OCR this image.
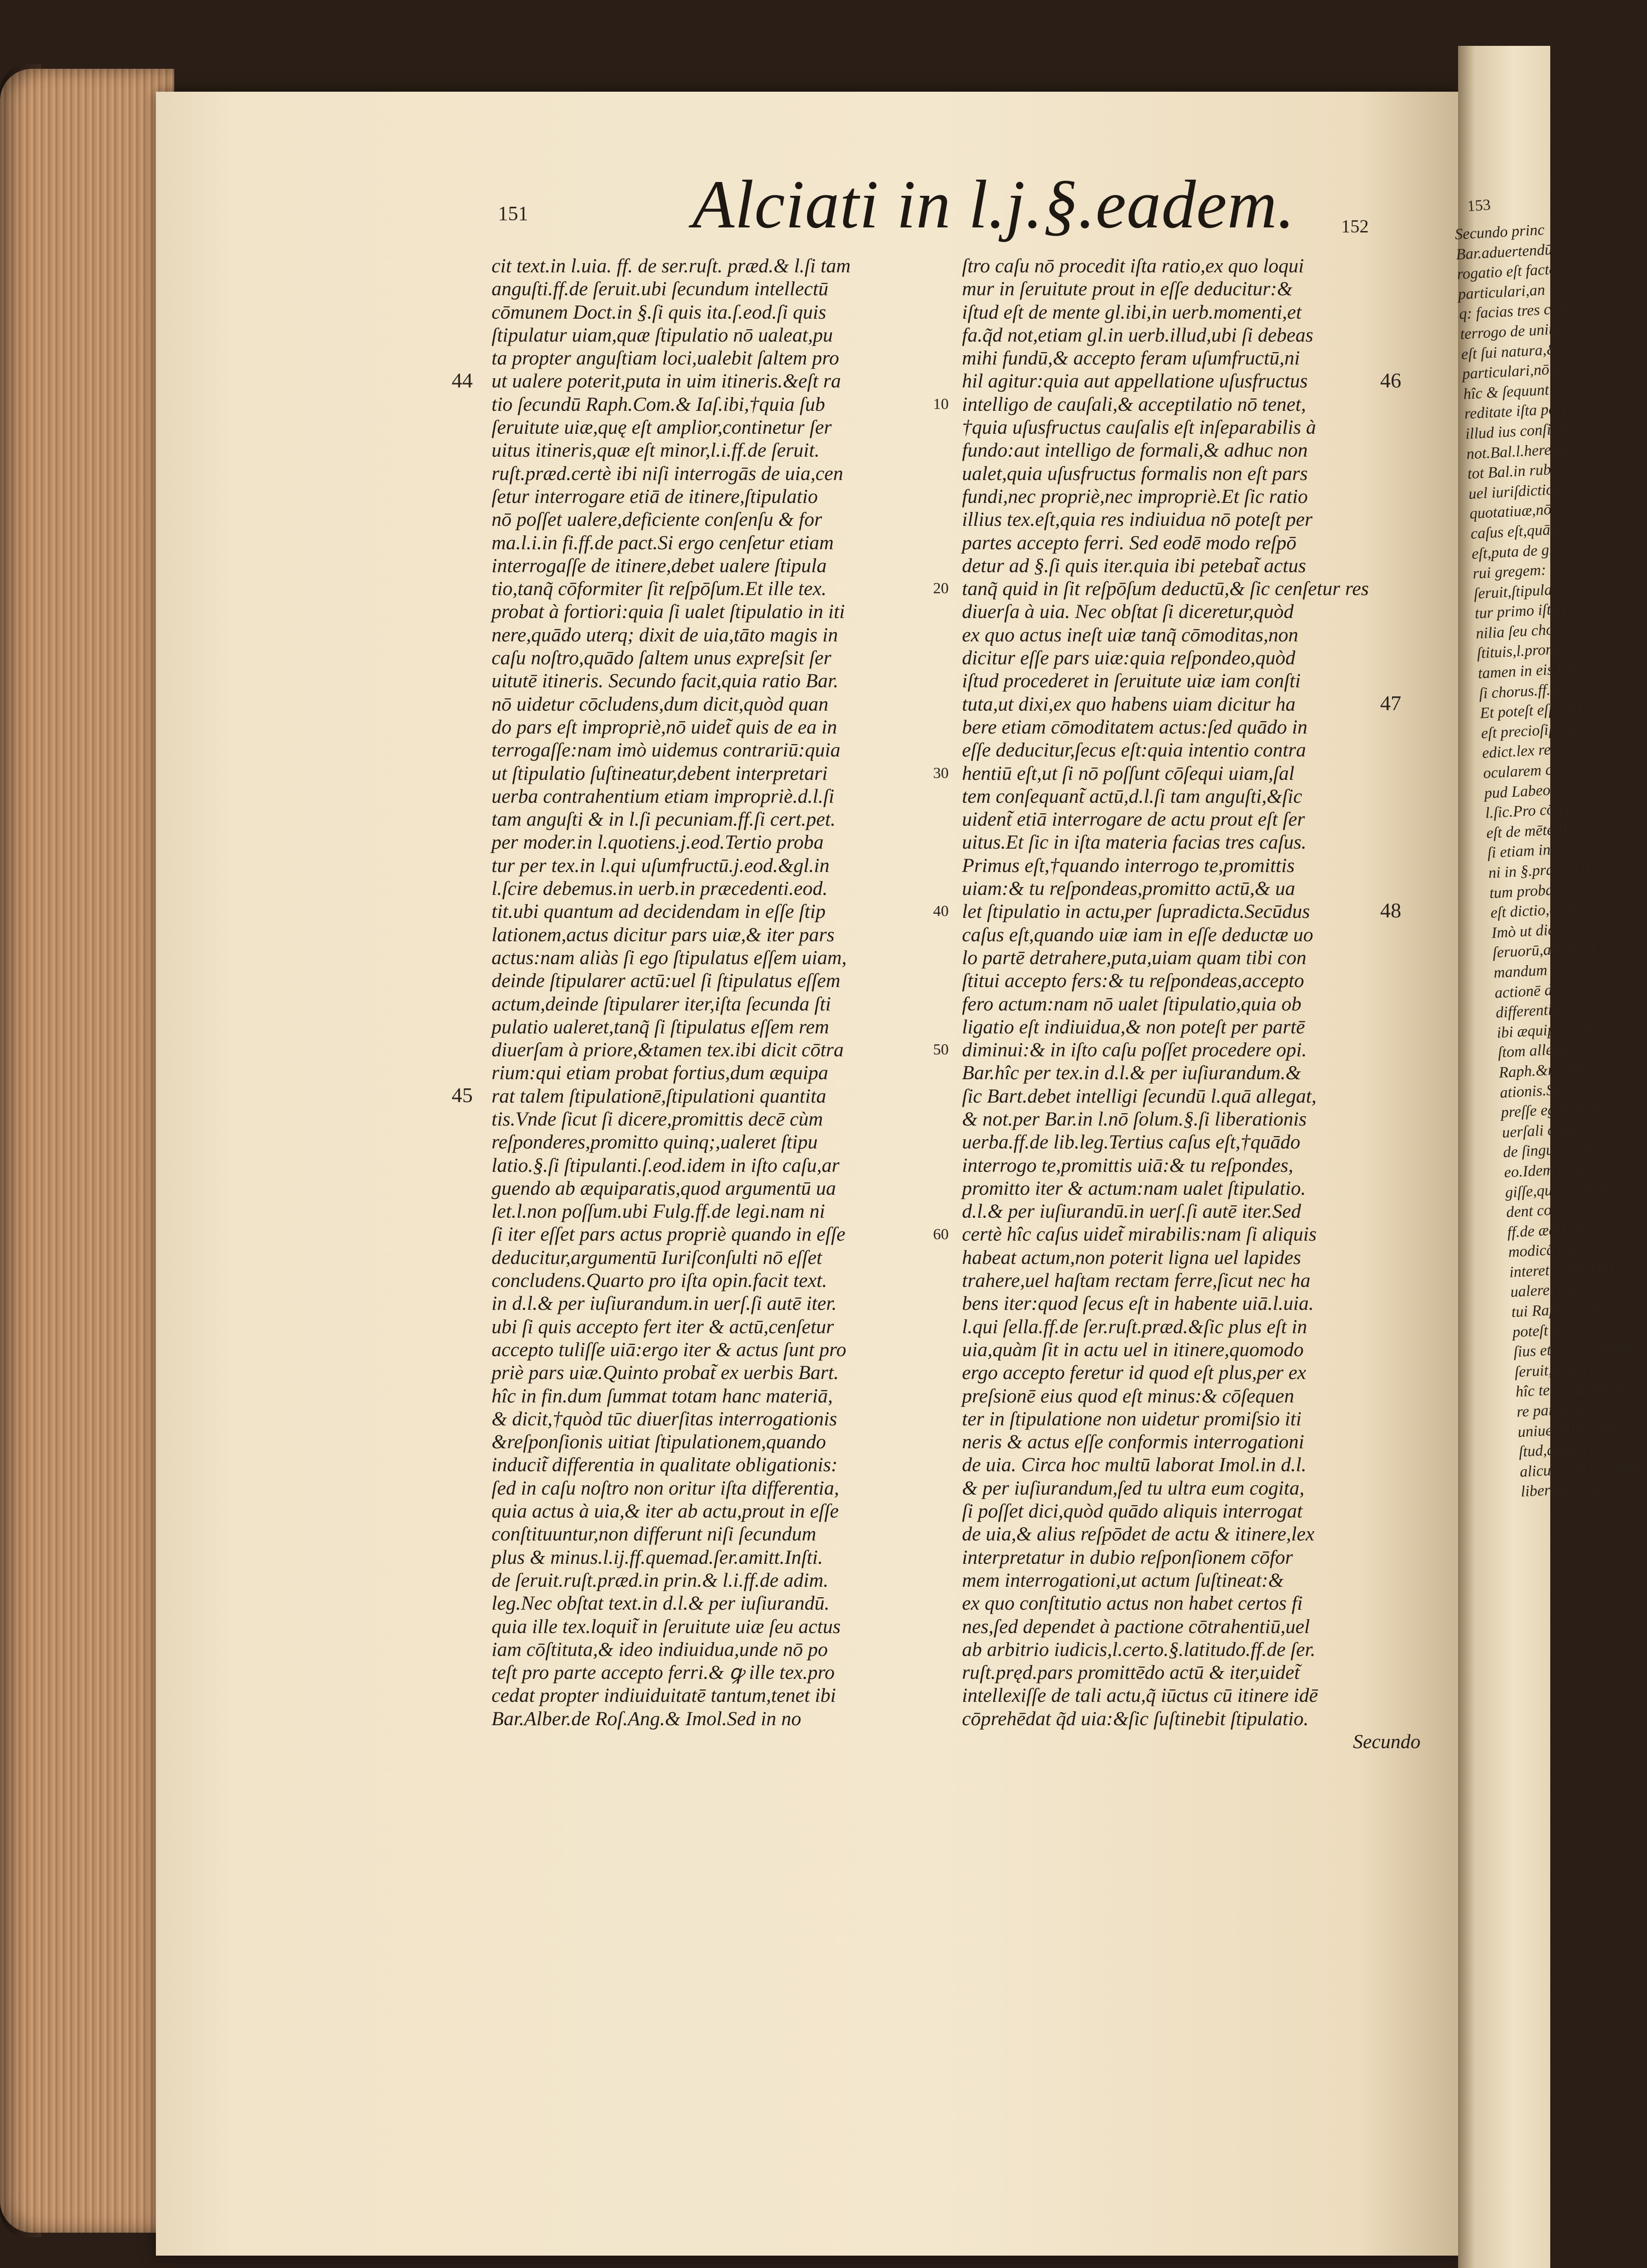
151 Alciati in l.j.§.eadem.	152
cit text.in l.uia. ff. de ser.ruſt. præd.& l.ſi tam
anguſti.ff.de ſeruit.ubi ſecundum intellectū
cōmunem Doct.in §.ſi quis ita.ſ.eod.ſi quis
ſtipulatur uiam,quæ ſtipulatio nō ualeat,pu
ta propter anguſtiam loci,ualebit ſaltem pro
ut ualere poterit,puta in uim itineris.&eſt ra
tio ſecundū Raph.Com.& Iaſ.ibi,†quia ſub
ſeruitute uiæ,quę eſt amplior,continetur ſer
uitus itineris,quæ eſt minor,l.i.ff.de ſeruit.
ruſt.præd.certè ibi niſi interrogās de uia,cen
ſetur interrogare etiā de itinere,ſtipulatio
nō poſſet ualere,deficiente conſenſu & for
ma.l.i.in fi.ff.de pact.Si ergo cenſetur etiam
interrogaſſe de itinere,debet ualere ſtipula
tio,tanq̃ cōformiter ſit reſpōſum.Et ille tex.
probat à fortiori:quia ſi ualet ſtipulatio in iti
nere,quādo uterq; dixit de uia,tāto magis in
caſu noſtro,quādo ſaltem unus expreſsit ſer
uitutē itineris. Secundo facit,quia ratio Bar.
nō uidetur cōcludens,dum dicit,quòd quan
do pars eſt impropriè,nō uidet̃ quis de ea in
terrogaſſe:nam imò uidemus contrariū:quia
ut ſtipulatio ſuſtineatur,debent interpretari
uerba contrahentium etiam impropriè.d.l.ſi
tam anguſti & in l.ſi pecuniam.ff.ſi cert.pet.
per moder.in l.quotiens.j.eod.Tertio proba
tur per tex.in l.qui uſumfructū.j.eod.&gl.in
l.ſcire debemus.in uerb.in præcedenti.eod.
tit.ubi quantum ad decidendam in eſſe ſtip
lationem,actus dicitur pars uiæ,& iter pars
actus:nam aliàs ſi ego ſtipulatus eſſem uiam,
deinde ſtipularer actū:uel ſi ſtipulatus eſſem
actum,deinde ſtipularer iter,iſta ſecunda ſti
pulatio ualeret,tanq̃ ſi ſtipulatus eſſem rem
diuerſam à priore,&tamen tex.ibi dicit cōtra
rium:qui etiam probat fortius,dum æquipa
rat talem ſtipulationē,ſtipulationi quantita
tis.Vnde ſicut ſi dicere,promittis decē cùm
reſponderes,promitto quinq;,ualeret ſtipu
latio.§.ſi ſtipulanti.ſ.eod.idem in iſto caſu,ar
guendo ab æquiparatis,quod argumentū ua
let.l.non poſſum.ubi Fulg.ff.de legi.nam ni
ſi iter eſſet pars actus propriè quando in eſſe
deducitur,argumentū Iuriſconſulti nō eſſet
concludens.Quarto pro iſta opin.facit text.
in d.l.& per iuſiurandum.in uerſ.ſi autē iter.
ubi ſi quis accepto fert iter & actū,cenſetur
accepto tuliſſe uiā:ergo iter & actus ſunt pro
priè pars uiæ.Quinto probat̃ ex uerbis Bart.
hîc in fin.dum ſummat totam hanc materiā,
& dicit,†quòd tūc diuerſitas interrogationis
&reſponſionis uitiat ſtipulationem,quando
inducit̃ differentia in qualitate obligationis:
ſed in caſu noſtro non oritur iſta differentia,
quia actus à uia,& iter ab actu,prout in eſſe
conſtituuntur,non differunt niſi ſecundum
plus & minus.l.ij.ff.quemad.ſer.amitt.Inſti.
de ſeruit.ruſt.præd.in prin.& l.i.ff.de adim.
leg.Nec obſtat text.in d.l.& per iuſiurandū.
quia ille tex.loquit̃ in ſeruitute uiæ ſeu actus
iam cōſtituta,& ideo indiuidua,unde nō po
teſt pro parte accepto ferri.& ꝙ ille tex.pro
cedat propter indiuiduitatē tantum,tenet ibi
Bar.Alber.de Roſ.Ang.& Imol.Sed in no
ſtro caſu nō procedit iſta ratio,ex quo loqui
mur in ſeruitute prout in eſſe deducitur:&
iſtud eſt de mente gl.ibi,in uerb.momenti,et
fa.q̃d not,etiam gl.in uerb.illud,ubi ſi debeas
mihi fundū,& accepto feram uſumfructū,ni
hil agitur:quia aut appellatione uſusfructus
intelligo de cauſali,& acceptilatio nō tenet,
†quia uſusfructus cauſalis eſt inſeparabilis à
fundo:aut intelligo de formali,& adhuc non
ualet,quia uſusfructus formalis non eſt pars
fundi,nec propriè,nec impropriè.Et ſic ratio
illius tex.eſt,quia res indiuidua nō poteſt per
partes accepto ferri. Sed eodē modo reſpō
detur ad §.ſi quis iter.quia ibi petebat̃ actus
tanq̃ quid in ſit reſpōſum deductū,& ſic cenſetur res
diuerſa à uia. Nec obſtat ſi diceretur,quòd
ex quo actus ineſt uiæ tanq̃ cōmoditas,non
dicitur eſſe pars uiæ:quia reſpondeo,quòd
iſtud procederet in ſeruitute uiæ iam conſti
tuta,ut dixi,ex quo habens uiam dicitur ha
bere etiam cōmoditatem actus:ſed quādo in
eſſe deducitur,ſecus eſt:quia intentio contra
hentiū eſt,ut ſi nō poſſunt cōſequi uiam,ſal
tem conſequant̃ actū,d.l.ſi tam anguſti,&ſic
uident̃ etiā interrogare de actu prout eſt ſer
uitus.Et ſic in iſta materia facias tres caſus.
Primus eſt,†quando interrogo te,promittis
uiam:& tu reſpondeas,promitto actū,& ua
let ſtipulatio in actu,per ſupradicta.Secūdus
caſus eſt,quando uiæ iam in eſſe deductæ uo
lo partē detrahere,puta,uiam quam tibi con
ſtitui accepto fers:& tu reſpondeas,accepto
fero actum:nam nō ualet ſtipulatio,quia ob
ligatio eſt indiuidua,& non poteſt per partē
diminui:& in iſto caſu poſſet procedere opi.
Bar.hîc per tex.in d.l.& per iuſiurandum.&
ſic Bart.debet intelligi ſecundū l.quā allegat,
& not.per Bar.in l.nō ſolum.§.ſi liberationis
uerba.ff.de lib.leg.Tertius caſus eſt,†quādo
interrogo te,promittis uiā:& tu reſpondes,
promitto iter & actum:nam ualet ſtipulatio.
d.l.& per iuſiurandū.in uerſ.ſi autē iter.Sed
certè hîc caſus uidet̃ mirabilis:nam ſi aliquis
habeat actum,non poterit ligna uel lapides
trahere,uel haſtam rectam ferre,ſicut nec ha
bens iter:quod ſecus eſt in habente uiā.l.uia.
l.qui ſella.ff.de ſer.ruſt.præd.&ſic plus eſt in
uia,quàm ſit in actu uel in itinere,quomodo
ergo accepto feretur id quod eſt plus,per ex
preſsionē eius quod eſt minus:& cōſequen
ter in ſtipulatione non uidetur promiſsio iti
neris & actus eſſe conformis interrogationi
de uia. Circa hoc multū laborat Imol.in d.l.
& per iuſiurandum,ſed tu ultra eum cogita,
ſi poſſet dici,quòd quādo aliquis interrogat
de uia,& alius reſpōdet de actu & itinere,lex
interpretatur in dubio reſponſionem cōfor
mem interrogationi,ut actum ſuſtineat:&
ex quo conſtitutio actus non habet certos fi
nes,ſed dependet à pactione cōtrahentiū,uel
ab arbitrio iudicis,l.certo.§.latitudo.ff.de ſer.
ruſt.pręd.pars promittēdo actū & iter,uidet̃
intellexiſſe de tali actu,q̃ iūctus cū itinere idē
cōprehēdat q̃d uia:&ſic ſuſtinebit ſtipulatio.
Secundo
44
45
46
47
48
10
20
30
40
50
60
153
Secundo princ
Bar.aduertendū
rogatio eſt facta c
particulari,an
q: facias tres caſus.
terrogo de uniue
eſt ſui natura,&
particulari,nō ua
hîc & ſequunt al
reditate iſta parti
illud ius conſiſtit
not.Bal.l.hereditas.
tot Bal.in rub.e
uel iuriſdictione
quotatiuæ,nō au
caſus eſt,quādo
eſt,puta de grege
rui gregem:
ſeruit,ſtipulatio.
tur primo iſta co
nilia ſeu choro:
ſtituis,l.pronūcia
tamen in eis ſing
ſi chorus.ff.de le
Et poteſt eſſe rat
eſt precioſiſsima
edict.lex reputa
ocularem confid
pud Labeonē,u
l.ſic.Pro cōtrari
eſt de mēte Bar.
ſi etiam in choro
ni in §.præced,d.
tum probare pr
eſt dictio,quaſi,
Imò ut dicit ibi
ſeruorū,aliud ſin
mandum libellu
actionē de euicti
differentiam in
ibi æquiparauit
ſtom allegat l.
Raph.&moder.
ationis.Secund
preſſe egiſſent u
uerſali cenſeretu
de ſingulis,arg.
eo.Idem ſi tacite
giſſe,quādo aliàs
dent contractum
ff.de ædil.edict.
modicâ familiā,
interet cōſiderafſ
ualeret ſtipulatio.
tui Raph.Co.&
poteſt trahi ad
ſius etiam in uniuerſ
ſeruit,ut peculiū
hîc tenet ꝙ ualeb
re particulari,ex
uniuerſaliter,ſed
ſtud,quādo alia
alicuiuſ de rei uend
liberatæ in peculi
